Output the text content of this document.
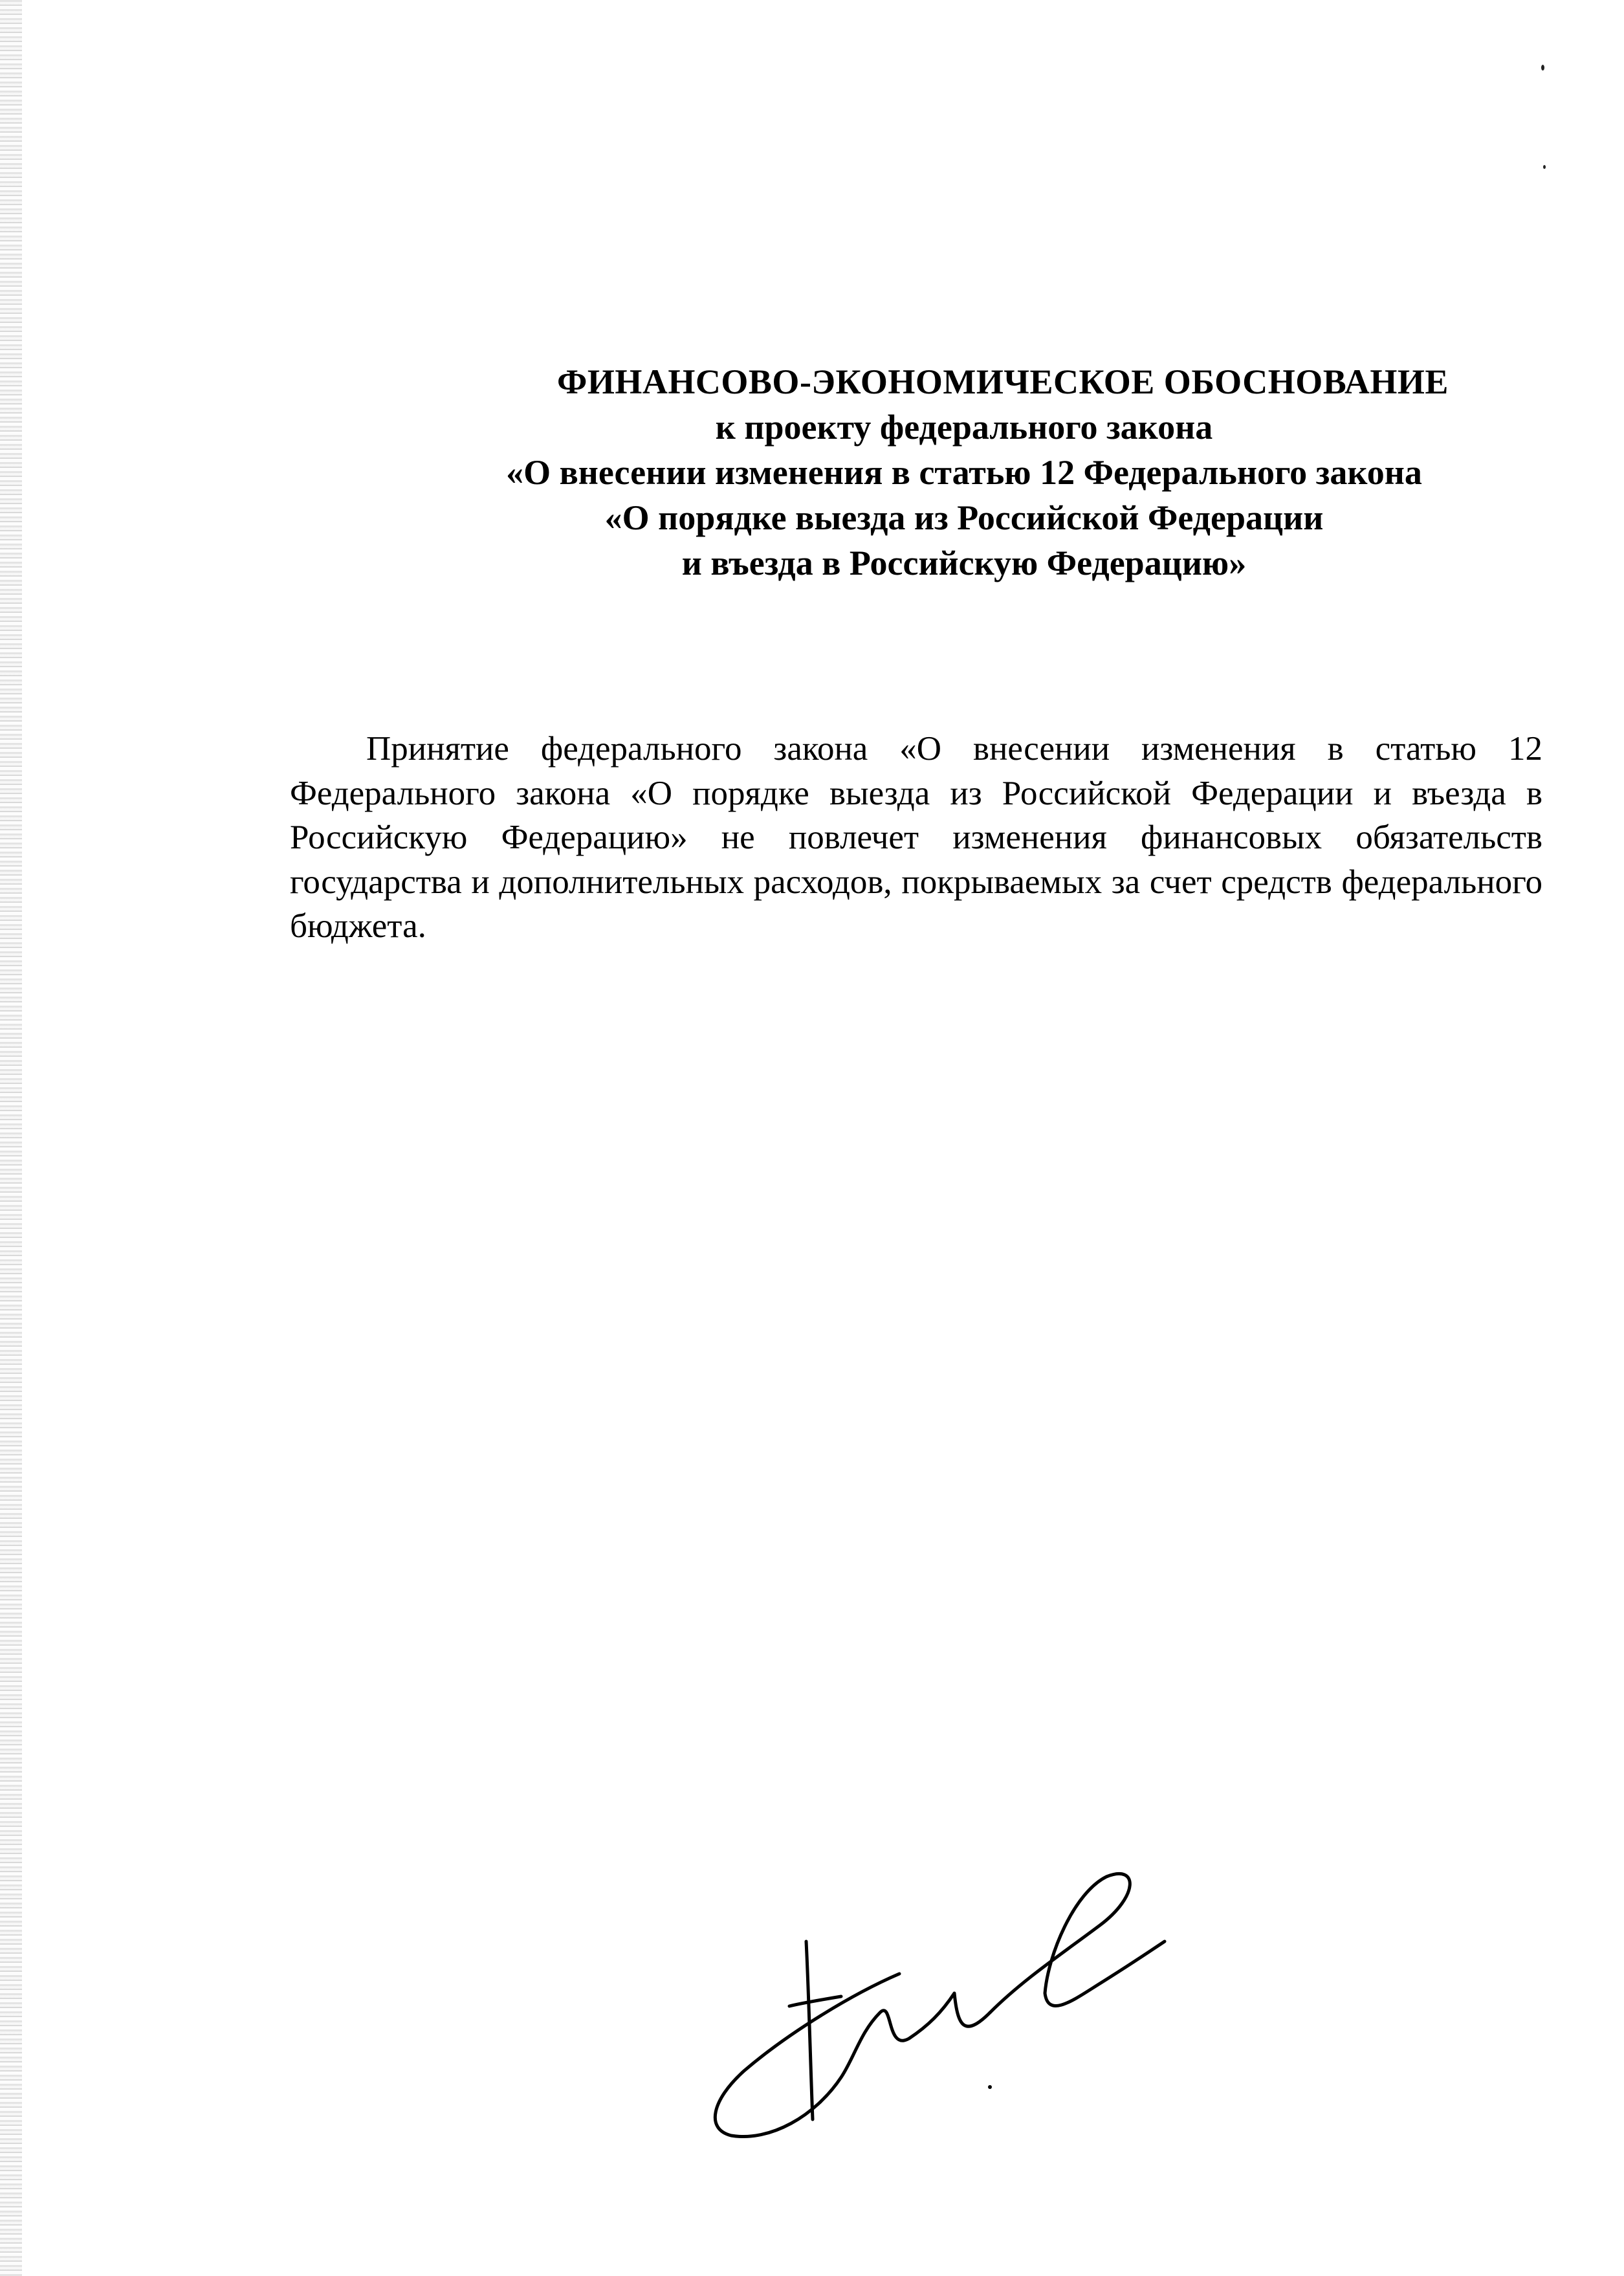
ФИНАНСОВО-ЭКОНОМИЧЕСКОЕ ОБОСНОВАНИЕ
к проекту федерального закона
«О внесении изменения в статью 12 Федерального закона
«О порядке выезда из Российской Федерации
и въезда в Российскую Федерацию»

Принятие федерального закона «О внесении изменения в статью 12 Федерального закона «О порядке выезда из Российской Федерации и въезда в Российскую Федерацию» не повлечет изменения финансовых обязательств государства и дополнительных расходов, покрываемых за счет средств федерального бюджета.
